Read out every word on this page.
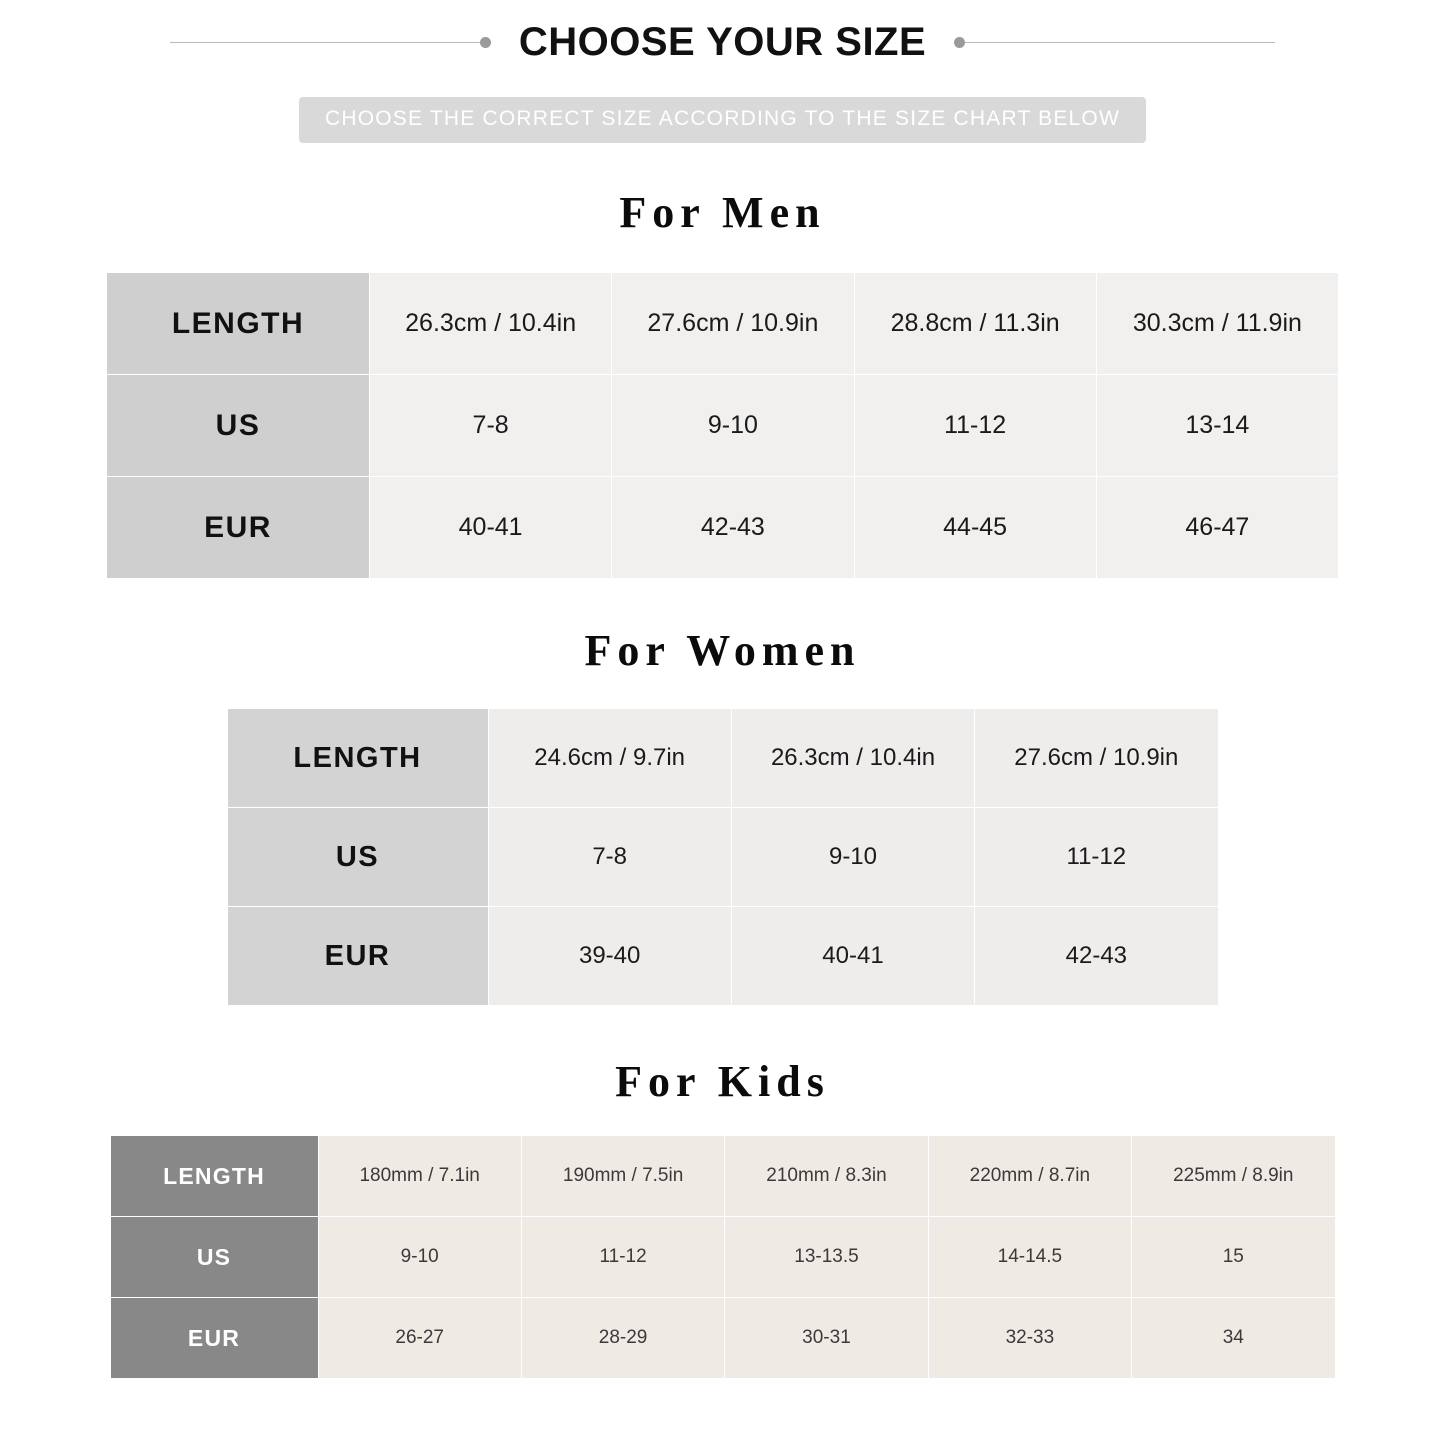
CHOOSE YOUR SIZE
CHOOSE THE CORRECT SIZE ACCORDING TO THE SIZE CHART BELOW
For Men
LENGTH	26.3cm / 10.4in	27.6cm / 10.9in	28.8cm / 11.3in	30.3cm / 11.9in
US	7-8	9-10	11-12	13-14
EUR	40-41	42-43	44-45	46-47
For Women
LENGTH	24.6cm / 9.7in	26.3cm / 10.4in	27.6cm / 10.9in
US	7-8	9-10	11-12
EUR	39-40	40-41	42-43
For Kids
LENGTH	180mm / 7.1in	190mm / 7.5in	210mm / 8.3in	220mm / 8.7in	225mm / 8.9in
US	9-10	11-12	13-13.5	14-14.5	15
EUR	26-27	28-29	30-31	32-33	34
